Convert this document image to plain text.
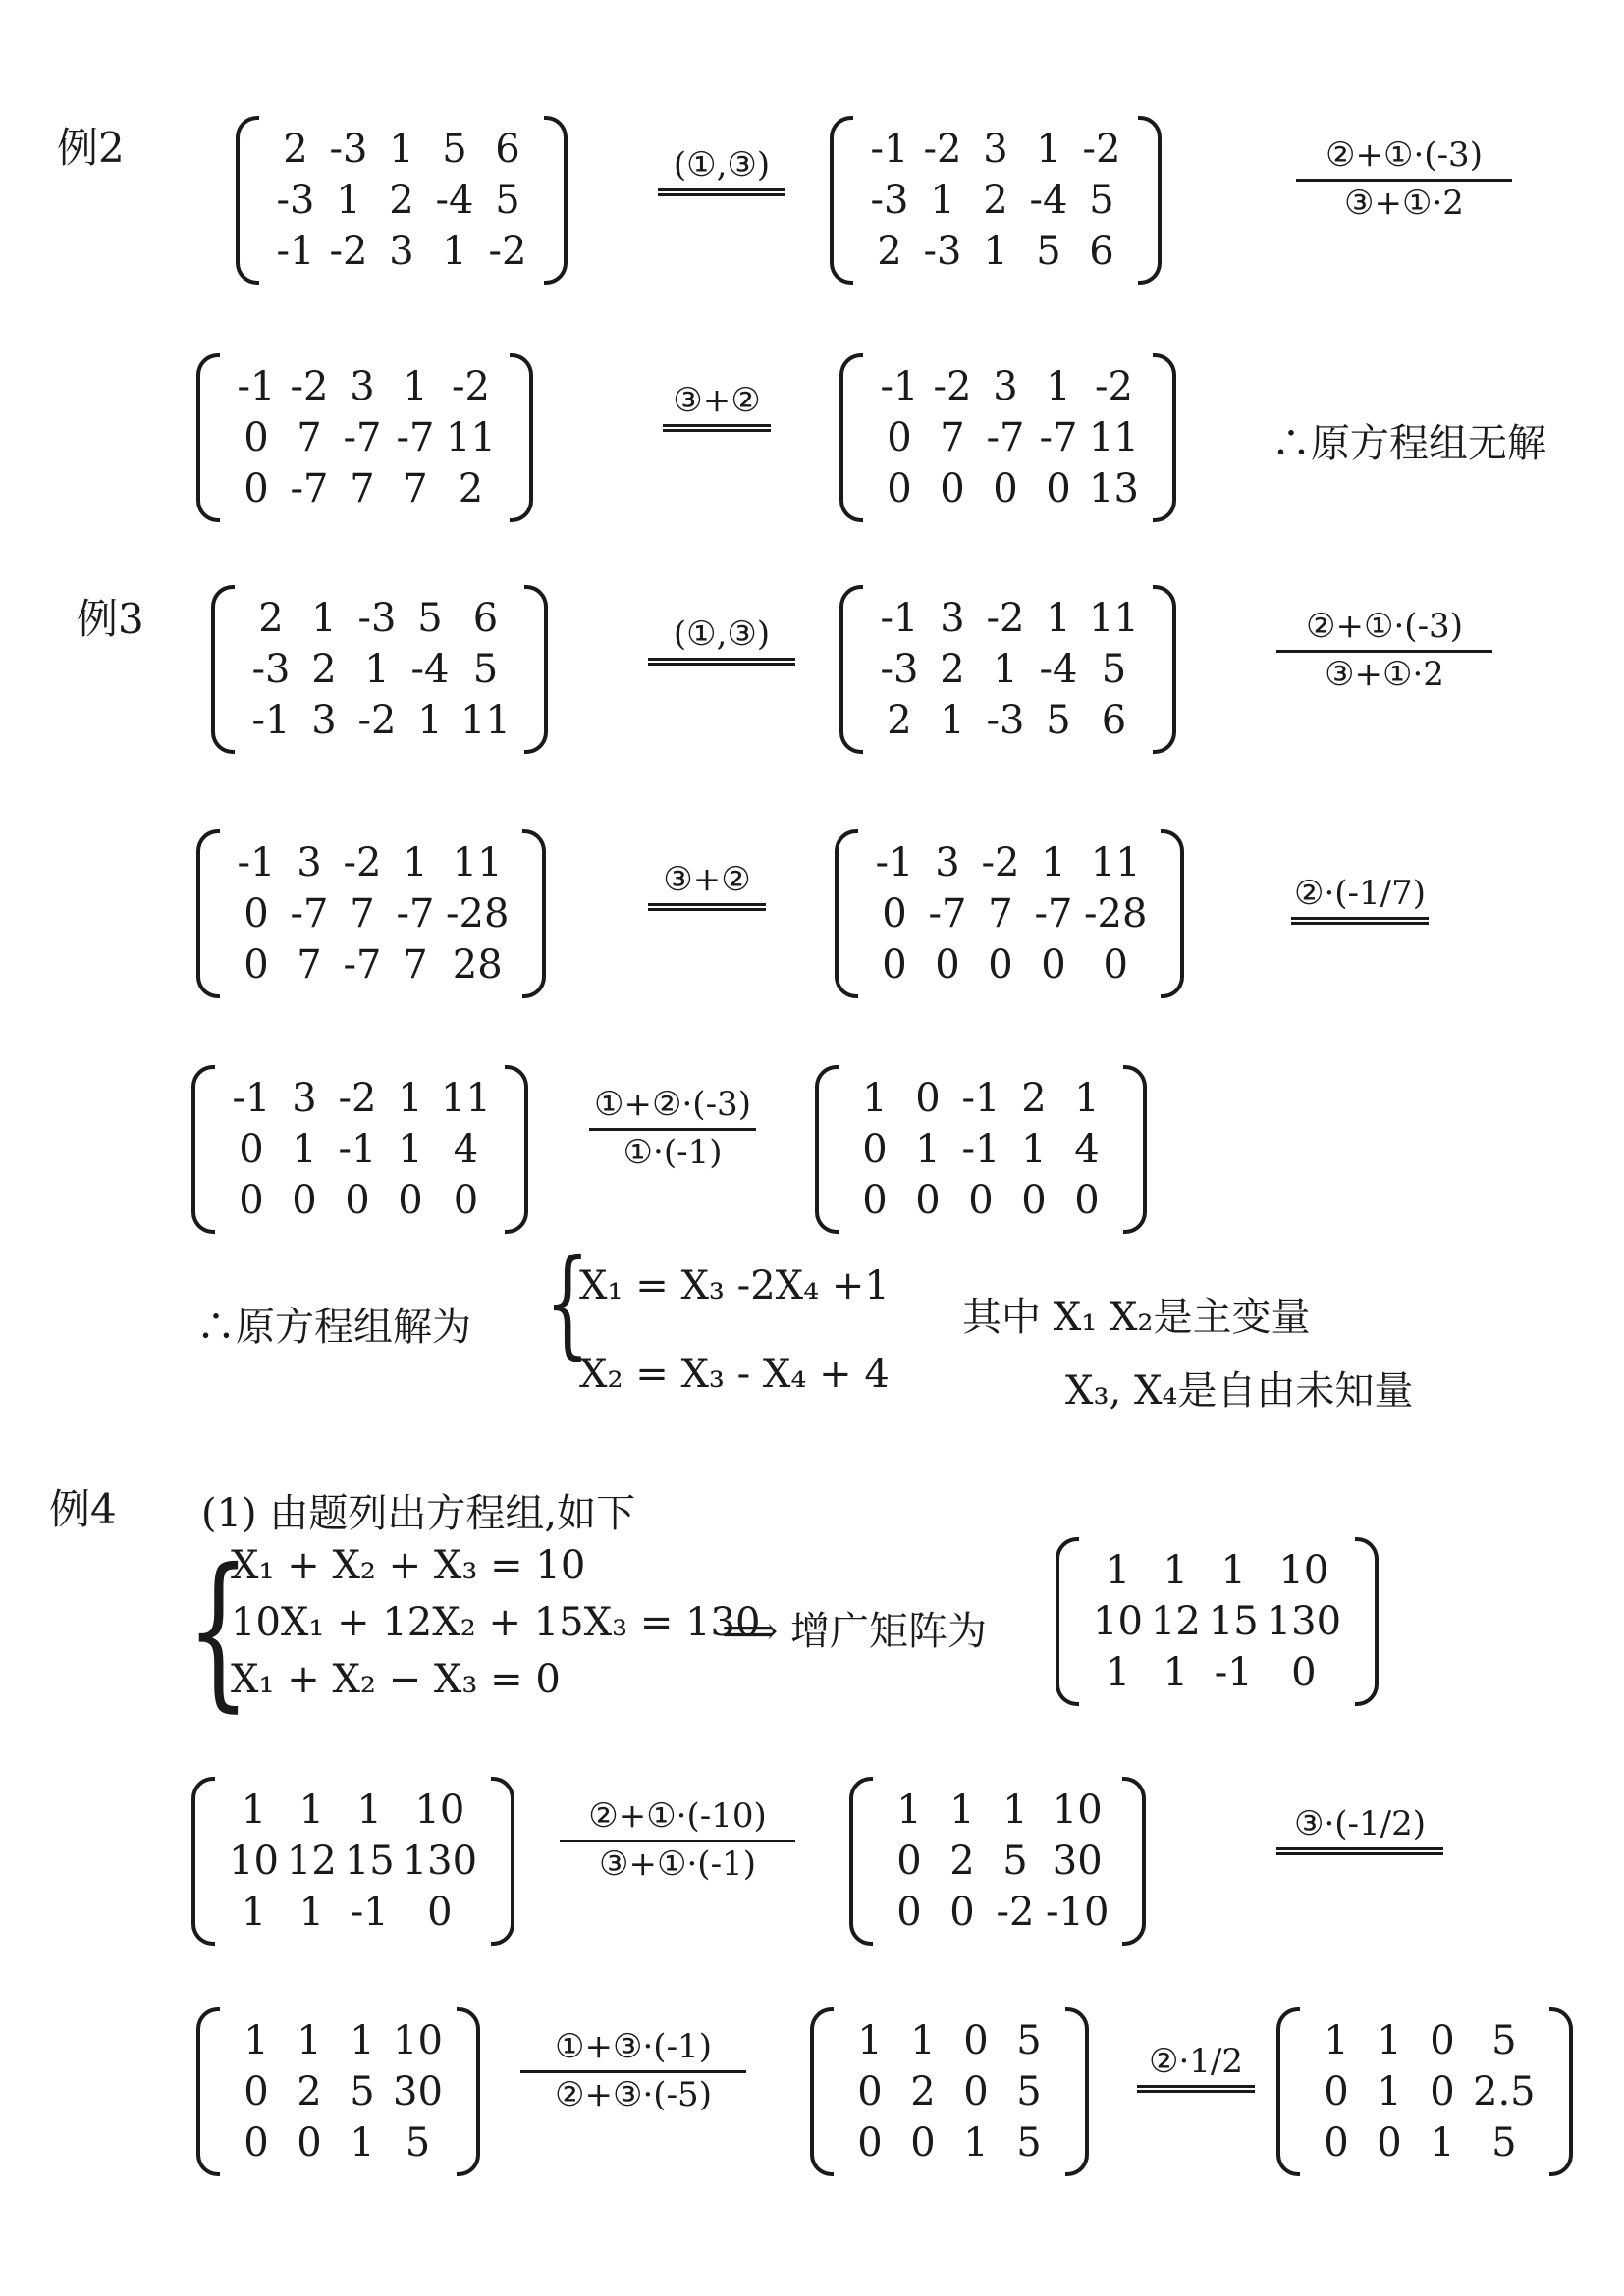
例2	2 -3 1 5 6
-3 1 2 -4 5
-1 -2 3 1 -2
(①,③)	-1 -2 3 1 -2
-3 1 2 -4 5
2 -3 1 5 6
②+①·(-3)
③+①·2
-1 -2 3 1 -2
0 7 -7 -7 11
0 -7 7 7 2
③+②	-1 -2 3 1 -2
0 7 -7 -7 11
0 0 0 0 13
∴原方程组无解
例3	2 1 -3 5 6
-3 2 1 -4 5
-1 3 -2 1 11
(①,③)	-1 3 -2 1 11
-3 2 1 -4 5
2 1 -3 5 6
②+①·(-3)
③+①·2
-1 3 -2 1 11
0 -7 7 -7 -28
0 7 -7 7 28
③+②	-1 3 -2 1 11
0 -7 7 -7 -28
0 0 0 0 0
②·(-1/7)
-1 3 -2 1 11
0 1 -1 1 4
0 0 0 0 0
①+②·(-3)
①·(-1)
1 0 -1 2 1
0 1 -1 1 4
0 0 0 0 0
∴原方程组解为 {
X₁ = X₃ -2X₄ +1
X₂ = X₃ - X₄ + 4
其中 X₁ X₂是主变量
X₃, X₄是自由未知量
例4 (1) 由题列出方程组,如下
{
X₁ + X₂ + X₃ = 10
10X₁ + 12X₂ + 15X₃ = 130
X₁ + X₂ − X₃ = 0
⟹ 增广矩阵为
1 1 1 10
10 12 15 130
1 1 -1 0
1 1 1 10
10 12 15 130
1 1 -1 0
②+①·(-10)
③+①·(-1)
1 1 1 10
0 2 5 30
0 0 -2 -10
③·(-1/2)
1 1 1 10
0 2 5 30
0 0 1 5
①+③·(-1)
②+③·(-5)
1 1 0 5
0 2 0 5
0 0 1 5
②·1/2	1 1 0 5
0 1 0 2.5
0 0 1 5
